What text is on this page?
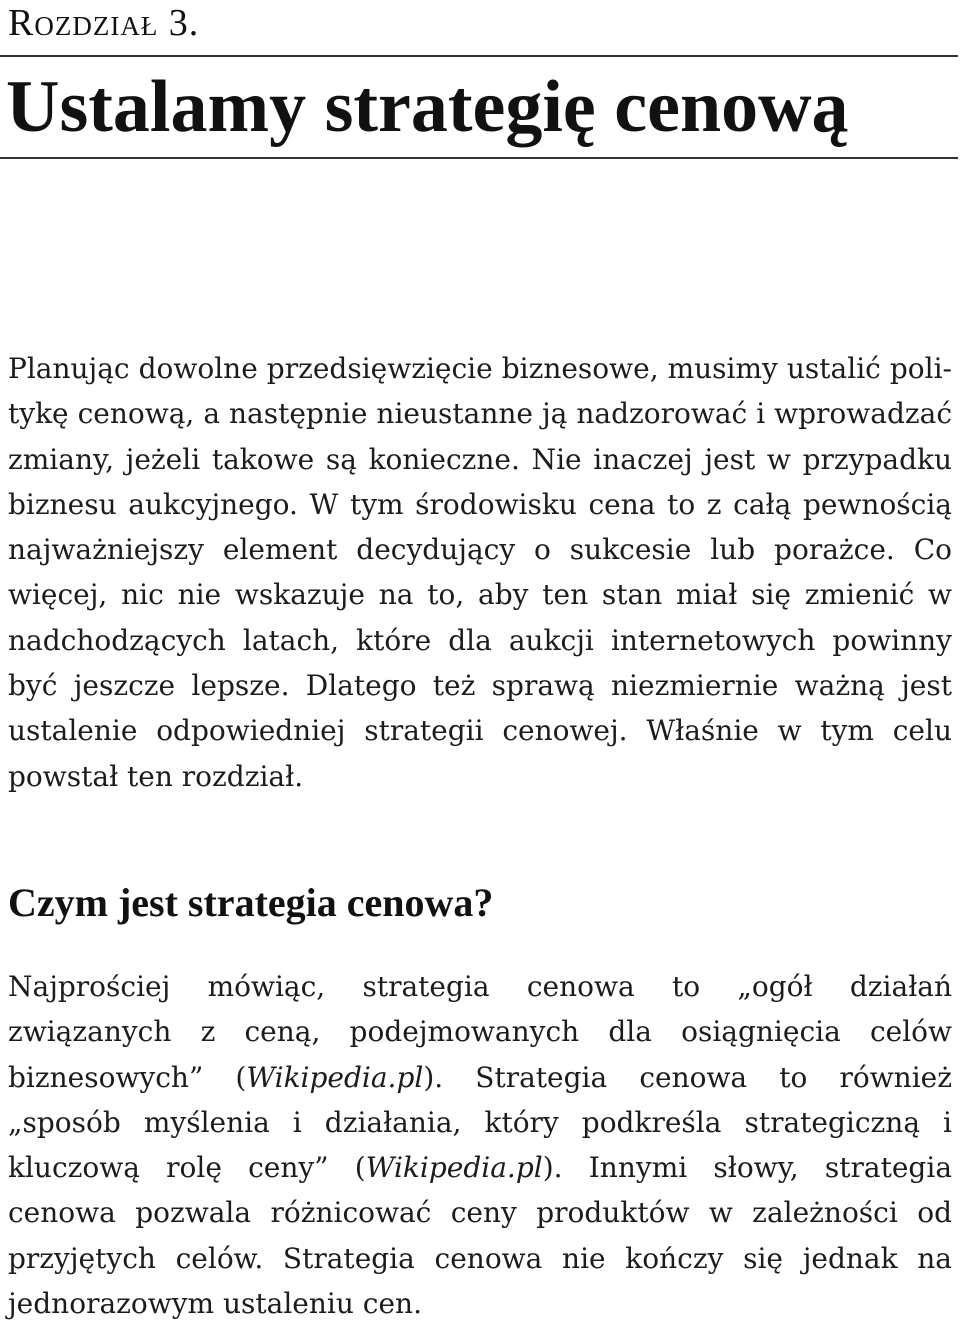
Rozdział 3.
Ustalamy strategię cenową

Planując dowolne przedsięwzięcie biznesowe, musimy ustalić politykę cenową, a następnie nieustanne ją nadzorować i wprowadzać zmiany, jeżeli takowe są konieczne. Nie inaczej jest w przypadku biznesu aukcyjnego. W tym środowisku cena to z całą pewnością najważniejszy element decydujący o sukcesie lub porażce. Co więcej, nic nie wskazuje na to, aby ten stan miał się zmienić w nadchodzących latach, które dla aukcji internetowych powinny być jeszcze lepsze. Dlatego też sprawą niezmiernie ważną jest ustalenie odpowiedniej strategii cenowej. Właśnie w tym celu powstał ten rozdział.

Czym jest strategia cenowa?

Najprościej mówiąc, strategia cenowa to „ogół działań związanych z ceną, podejmowanych dla osiągnięcia celów biznesowych” (Wikipedia.pl). Strategia cenowa to również „sposób myślenia i działania, który podkreśla strategiczną i kluczową rolę ceny” (Wikipedia.pl). Innymi słowy, strategia cenowa pozwala różnicować ceny produktów w zależności od przyjętych celów. Strategia cenowa nie kończy się jednak na jednorazowym ustaleniu cen.
